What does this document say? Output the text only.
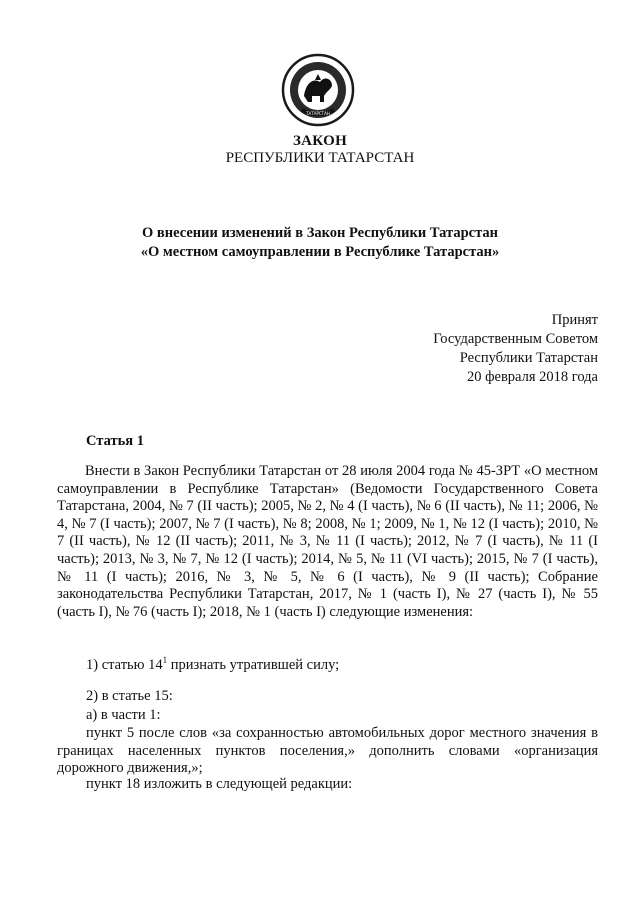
ТАТАРСТАН
ЗАКОН
РЕСПУБЛИКИ ТАТАРСТАН
О внесении изменений в Закон Республики Татарстан
«О местном самоуправлении в Республике Татарстан»
Принят
Государственным Советом
Республики Татарстан
20 февраля 2018 года
Статья 1
Внести в Закон Республики Татарстан от 28 июля 2004 года № 45-ЗРТ «О местном самоуправлении в Республике Татарстан» (Ведомости Государственного Совета Татарстана, 2004, № 7 (II часть); 2005, № 2, № 4 (I часть), № 6 (II часть), № 11; 2006, № 4, № 7 (I часть); 2007, № 7 (I часть), № 8; 2008, № 1; 2009, № 1, № 12 (I часть); 2010, № 7 (II часть), № 12 (II часть); 2011, № 3, № 11 (I часть); 2012, № 7 (I часть), № 11 (I часть); 2013, № 3, № 7, № 12 (I часть); 2014, № 5, № 11 (VI часть); 2015, № 7 (I часть), № 11 (I часть); 2016, № 3, № 5, № 6 (I часть), № 9 (II часть); Собрание законодательства Республики Татарстан, 2017, № 1 (часть I), № 27 (часть I), № 55 (часть I), № 76 (часть I); 2018, № 1 (часть I) следующие изменения:
1) статью $14^1$ признать утратившей силу;
2) в статье 15:
а) в части 1:
пункт 5 после слов «за сохранностью автомобильных дорог местного значения в границах населенных пунктов поселения,» дополнить словами «организация дорожного движения,»;
пункт 18 изложить в следующей редакции:
